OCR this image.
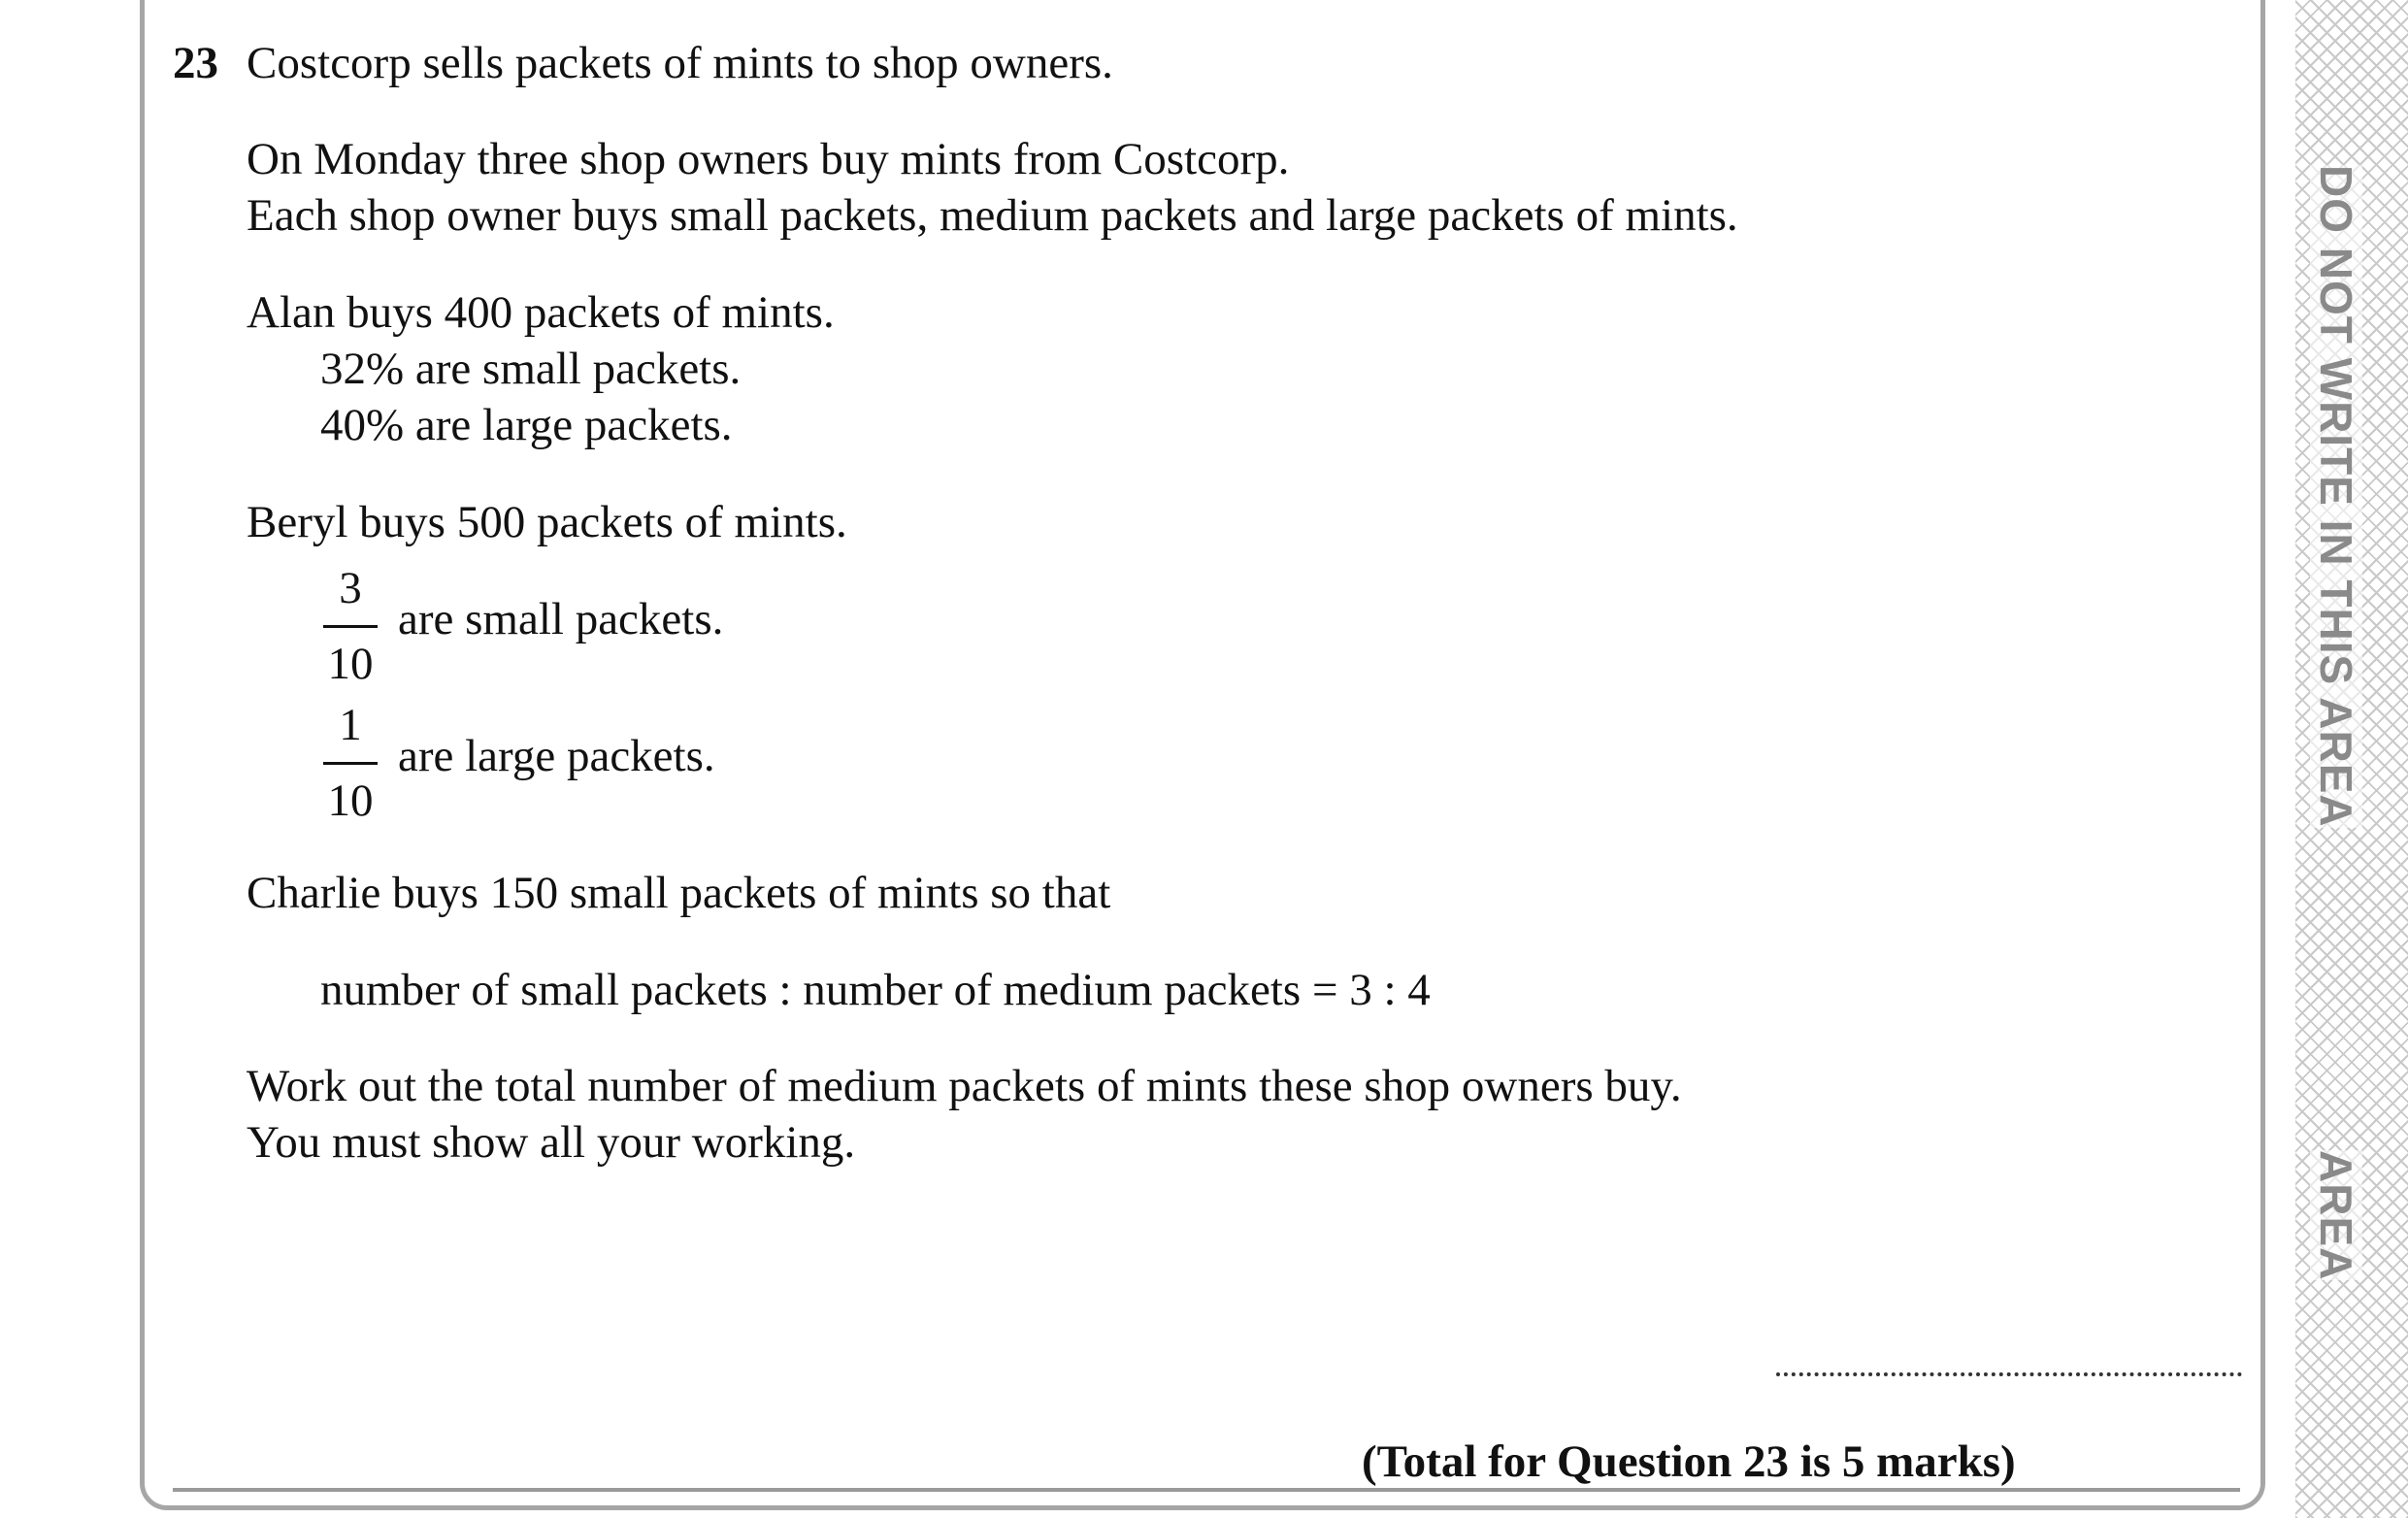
23 Costcorp sells packets of mints to shop owners.
On Monday three shop owners buy mints from Costcorp.
Each shop owner buys small packets, medium packets and large packets of mints.
Alan buys 400 packets of mints.
32% are small packets.
40% are large packets.
Beryl buys 500 packets of mints.
3
10
are small packets.
1
10
are large packets.
Charlie buys 150 small packets of mints so that
number of small packets : number of medium packets = 3 : 4
Work out the total number of medium packets of mints these shop owners buy.
You must show all your working.
(Total for Question 23 is 5 marks)
DO NOT WRITE IN THIS AREA
AREA
